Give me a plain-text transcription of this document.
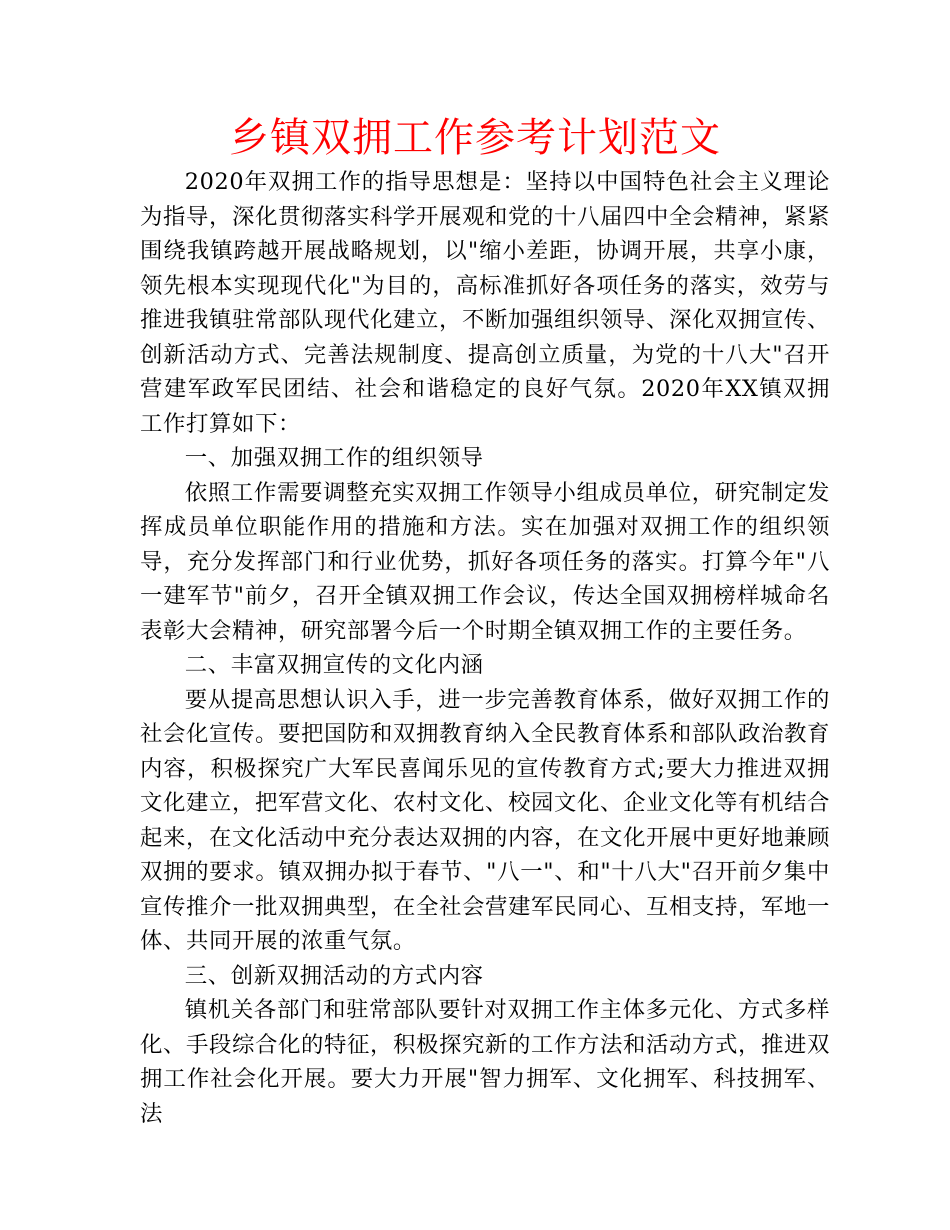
乡镇双拥工作参考计划范文

2020年双拥工作的指导思想是：坚持以中国特色社会主义理论为指导，深化贯彻落实科学开展观和党的十八届四中全会精神，紧紧围绕我镇跨越开展战略规划，以"缩小差距，协调开展，共享小康，领先根本实现现代化"为目的，高标准抓好各项任务的落实，效劳与推进我镇驻常部队现代化建立，不断加强组织领导、深化双拥宣传、创新活动方式、完善法规制度、提高创立质量，为党的十八大"召开营建军政军民团结、社会和谐稳定的良好气氛。2020年XX镇双拥工作打算如下：

一、加强双拥工作的组织领导

依照工作需要调整充实双拥工作领导小组成员单位，研究制定发挥成员单位职能作用的措施和方法。实在加强对双拥工作的组织领导，充分发挥部门和行业优势，抓好各项任务的落实。打算今年"八一建军节"前夕，召开全镇双拥工作会议，传达全国双拥榜样城命名表彰大会精神，研究部署今后一个时期全镇双拥工作的主要任务。

二、丰富双拥宣传的文化内涵

要从提高思想认识入手，进一步完善教育体系，做好双拥工作的社会化宣传。要把国防和双拥教育纳入全民教育体系和部队政治教育内容，积极探究广大军民喜闻乐见的宣传教育方式;要大力推进双拥文化建立，把军营文化、农村文化、校园文化、企业文化等有机结合起来，在文化活动中充分表达双拥的内容，在文化开展中更好地兼顾双拥的要求。镇双拥办拟于春节、"八一"、和"十八大"召开前夕集中宣传推介一批双拥典型，在全社会营建军民同心、互相支持，军地一体、共同开展的浓重气氛。

三、创新双拥活动的方式内容

镇机关各部门和驻常部队要针对双拥工作主体多元化、方式多样化、手段综合化的特征，积极探究新的工作方法和活动方式，推进双拥工作社会化开展。要大力开展"智力拥军、文化拥军、科技拥军、法
